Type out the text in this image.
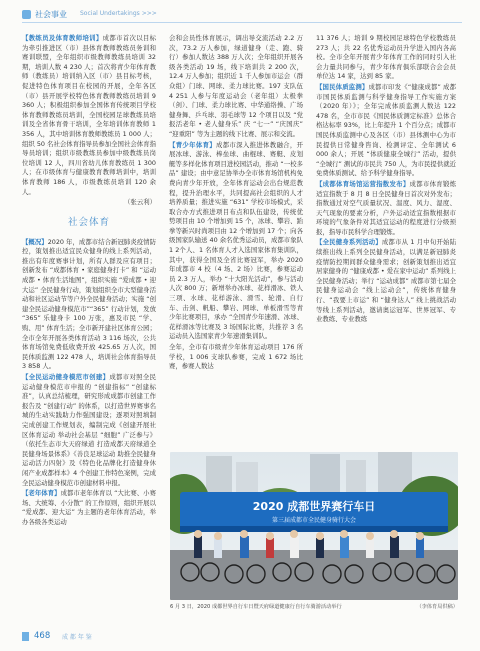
社会事业 Social Undertakings >>>

【教练员及体育教师培训】成都市首次以目标为牵引推进区（市）县体育教师教练员务训和赛训联盟，全年组织市级教师教练员培训 32 期，培训人数 4 230 人；首次将青少年体育教师（教练员）培训纳入区（市）县目标考核，促进特色体育项目在校园的开展，全年各区（市）县开展学校特色体育教师教练员培训 9 360 人；积极组织参加全国体育传统项目学校体育教师教练员培训，全国校园足球教练员培训及全省体育骨干培训，全年培训体育教师 1 356 人，其中培训体育教师教练员 1 000 人；组织 50 名社会体育指导员参加全国社会体育指导员培训；组织市级教练员参加中级教练员岗位培训 12 人，四川省幼儿体育教练员 1 300 人；在市级体育与健康教育教师培训中，培训体育教师 186 人，市级教练员培训 120 余人。

（张云利）

社会体育

【概况】2020 年，成都市结合新冠肺炎疫情防控，策划推出适宜民众健身的线上系列活动，推出有年度赛事计划，所有人群及应有项目；创新发布 “成都体育 • 家庭健身打卡” 和 “运动成都 • 体育生活地图”，组织实施 “爱成都 • 迎大运” 全民健身行动，策划组织全市大型健身活动和社区运动节等户外全民健身活动；实施 “创建全民运动健身模范市”“365” 行动计划，发放 “365” 乐健身卡 100 万张，惠及市民 “学、购、用” 体育生活；全市新开建社区体育公园；全市全年开展各类体育活动 3 116 场次，公共体育场馆免费低收费开放 425.65 万人次，国民体质监测 122 478 人，培训社会体育指导员 3 858 人。

【全民运动健身模范市创建】成都市对照全民运动健身模范市申报的 “创建指标” “创建标准”，认真总结梳理，研究形成成都市创建工作报告及 “创建行动” 的体系，以打造世界赛事名城的生动实践助力作强国建设；逐项对照填制完成创建工作规划表，编制完成《创建开展社区体育运动 举动社会基层 “细胞” 广泛参与》（依托生态市大天府绿道 打造成都天府绿道全民健身场景体系》《善良足球运动 助推全民健身运动活力四射》及《特色化品牌化打造健身休闲产业成都样本》4 个创建工作特色案例，完成全民运动健身模范市创建材料申报。

【老年体育】成都市老年体育以 “大比赛、小赛场、大统筹、小分散” 的工作原则，组织开展以 “爱成都、迎大运” 为主题的老年体育活动，举办各级各类运动

会和会员性体育展示，调出导交流活动 2.2 万次，73.2 万人参加，绿道健身（走、跑、骑行）参加人数达 388 万人次；全年组织开展各级各类活动 19 场，线下培训共 2 200 次，12.4 万人参加；组织近 1 千人参加市运会（群众组）门球、网球、柔力球比赛。197 支队伍 4 251 人参与年度运动会（老年组）太极拳（剑）、门球、柔力球比赛、中华通络操、广场健身舞、乒乓球、羽毛球等 12 个项目以及 “党报活老年 • 老人健身乐” 庆 “七一” “庆国庆” “迎重阳” 等为主题的线下比赛、展示和交流。

【青少年体育】成都市深入推进体教融合，开展冰球、游泳、棒垒球、曲棍球、赛艇、皮划艇等多样化体育项目进校园活动，推动 “一校多品” 建设；由中意足协举办全市体育场馆机构免费向青少年开放，全年体育运动会出台规范教程，提升治理水平，共同提高社会组织的人才培养质量；推进实施 “631” 学校市场模式，采取合办方式推进项目布点和队伍建设，传统优势项目由 10 个增加到 15 个，冰球、攀岩、跆拳等新兴时尚项目由 12 个增加到 17 个；向各级国家队输送 40 余名优秀运动员，成都市象队 1 2个人、1 名体育人才入选国家体育集训队，其中，获得全国及全省比赛冠军，举办 2020 年成都市 4 校（4 场、2 场）比赛，参赛运动员 2.3 万人，举办 “十大阳光活动”，参与活动人次 800 万；新增举办冰球、花样滑冰、铁人三项、水球、花样游泳、滑雪、轮滑、自行车、击剑、帆船、攀岩、网球、单板滑雪等青少年比赛项目，承办 “全国青少年速滑、冰球、花样滑冰等比赛及 3 场国际比赛，共推荐 3 名运动员入选国家青少年速滑集训队。

全年，全市有市级青少年体育运动项目 176 所学校，1 006 支球队参赛，完成 1 672 场比赛，参赛人数达

11 376 人；培训 9 期校园足球特色学校教练员 273 人；共 22 名优秀运动员升学进入国内各高校。全市全年开展青少年体育工作的同时引入社会力量共同参与，青少年体育俱乐部联合会会员单位达 14 家，达到 85 家。

【国民体质监测】成都市印发《“健康成都” 成都市国民体质监测与科学健身指导工作实施方案（2020 年）》；全年完成体质监测人数达 122 478 名，全市市民《国民体质测定标准》总体合格达标率 93%，比上年提升 1 个百分点；成都市国民体质监测中心及各区（市）县体测中心为市民提供日常健身咨询、检测评定、全年测试 6 000 余人；开展 “体质健康全城行” 活动，提供 “全城行” 测试的市民共 750 人，为市民提供就近免费体质测试、给予科学健身指导。

【成都体育场馆运营指数发布】成都市体育锻炼适宜指数于 8 月 8 日全民健身日首次对外发布；指数通过对空气质量状况、温度、风力、湿度、天气现象的要素分析，户外运动适宜指数根据市环境的气象条件对其适宜运动的程度进行分级预报，指导市民科学合理锻炼。

【全民健身系列活动】成都市从 1 月中旬开始陆续推出线上系列全民健身活动，以满足新冠肺炎疫情防控期间群众健身需求；创新策划推出适宜居家健身的 “健康成都 • 爱在家中运动” 系列线上全民健身活动；举行 “运动成都” 成都市第七届全民健身运动会 “线上运动会”，传统体育健身行、“我要上市运” 和 “健身达人” 线上挑战活动等线上系列活动，邀请奥运冠军、世界冠军、专业教练、专业教练

2020 成都世界赛行车日
第三届成都市全民健身骑行大会
6 月 3 日，2020 成都世界自行车日暨天府绿道健康行自行车骑游活动举行	（李体育局供稿）
468 成 都 年 鉴
